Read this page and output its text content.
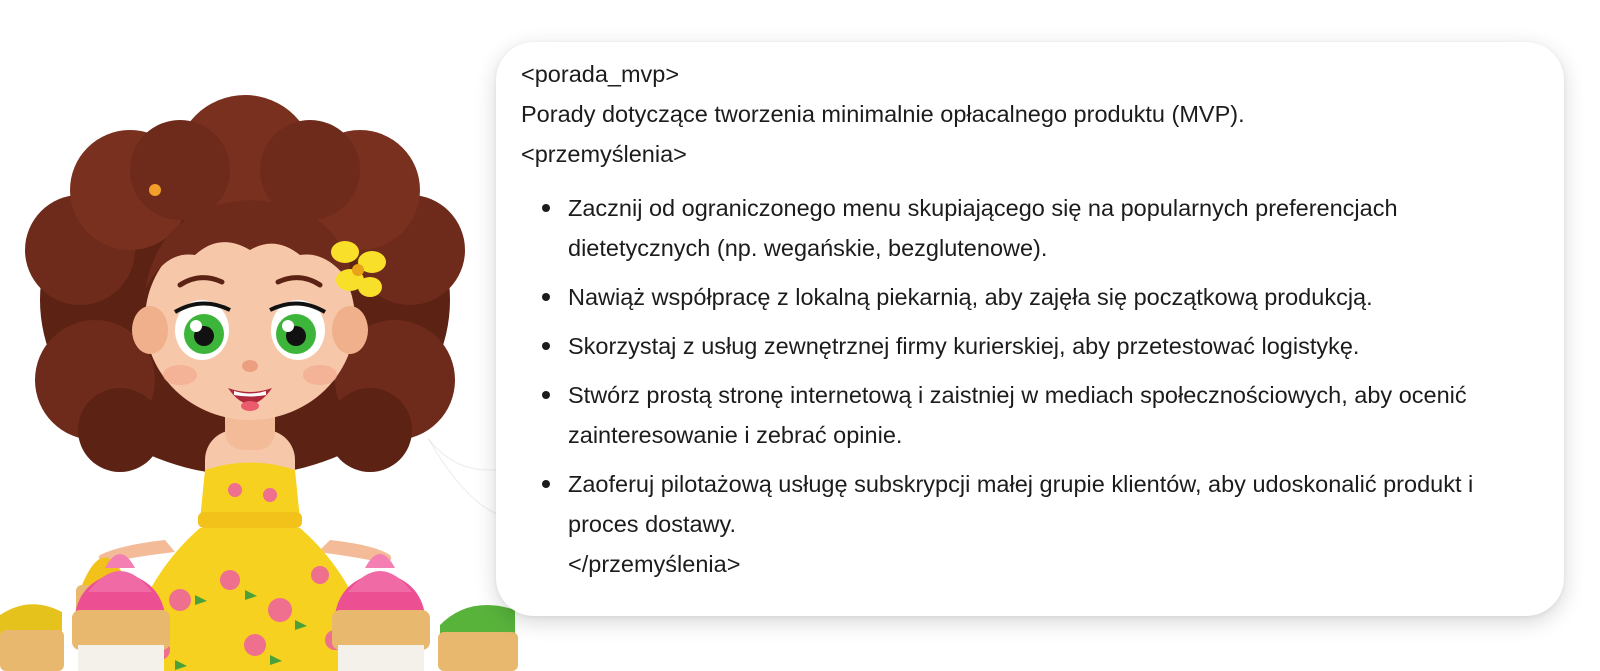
<porada_mvp>

Porady dotyczące tworzenia minimalnie opłacalnego produktu (MVP).

<przemyślenia>

Zacznij od ograniczonego menu skupiającego się na popularnych preferencjach dietetycznych (np. wegańskie, bezglutenowe).
Nawiąż współpracę z lokalną piekarnią, aby zajęła się początkową produkcją.
Skorzystaj z usług zewnętrznej firmy kurierskiej, aby przetestować logistykę.
Stwórz prostą stronę internetową i zaistniej w mediach społecznościowych, aby ocenić zainteresowanie i zebrać opinie.
Zaoferuj pilotażową usługę subskrypcji małej grupie klientów, aby udoskonalić produkt i proces dostawy.

</przemyślenia>
